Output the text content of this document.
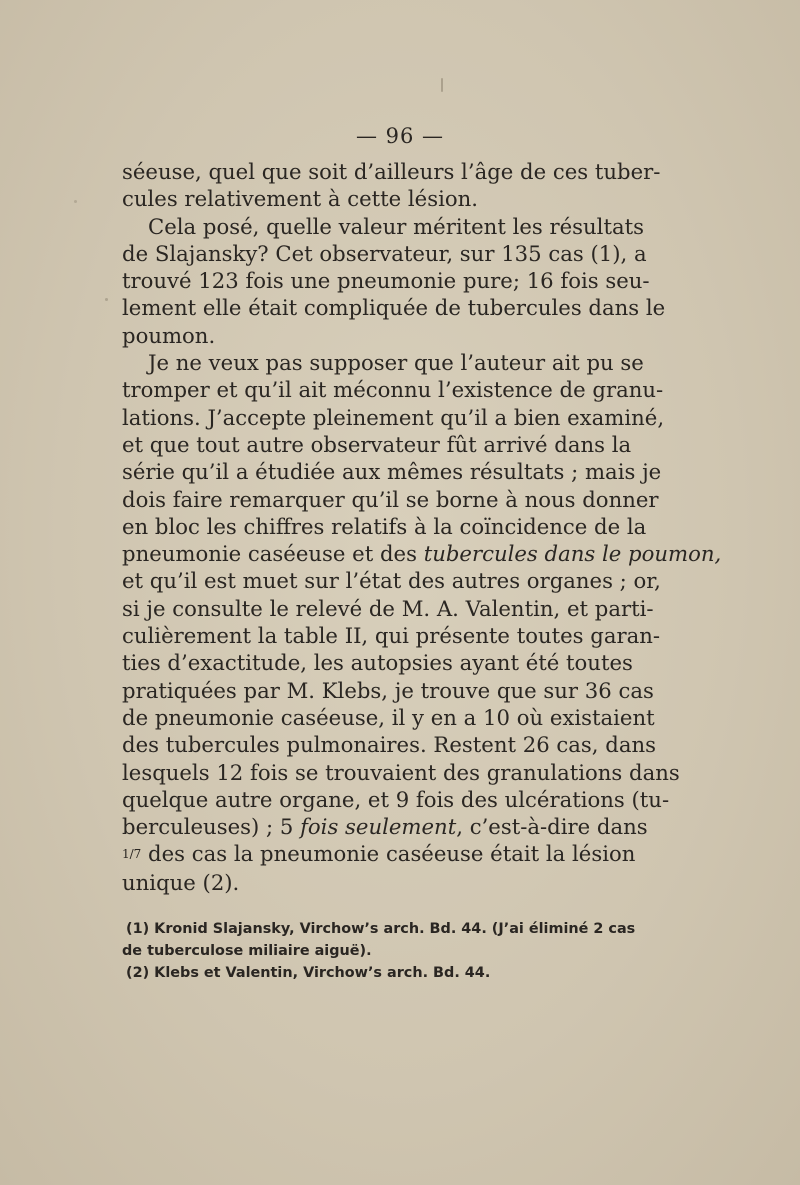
— 96 —

séeuse, quel que soit d’ailleurs l’âge de ces tuber-
cules relativement à cette lésion.

Cela posé, quelle valeur méritent les résultats
de Slajansky? Cet observateur, sur 135 cas (1), a
trouvé 123 fois une pneumonie pure; 16 fois seu-
lement elle était compliquée de tubercules dans le
poumon.

Je ne veux pas supposer que l’auteur ait pu se
tromper et qu’il ait méconnu l’existence de granu-
lations. J’accepte pleinement qu’il a bien examiné,
et que tout autre observateur fût arrivé dans la
série qu’il a étudiée aux mêmes résultats ; mais je
dois faire remarquer qu’il se borne à nous donner
en bloc les chiffres relatifs à la coïncidence de la
pneumonie caséeuse et des tubercules dans le poumon,
et qu’il est muet sur l’état des autres organes ; or,
si je consulte le relevé de M. A. Valentin, et parti-
culièrement la table II, qui présente toutes garan-
ties d’exactitude, les autopsies ayant été toutes
pratiquées par M. Klebs, je trouve que sur 36 cas
de pneumonie caséeuse, il y en a 10 où existaient
des tubercules pulmonaires. Restent 26 cas, dans
lesquels 12 fois se trouvaient des granulations dans
quelque autre organe, et 9 fois des ulcérations (tu-
berculeuses) ; 5 fois seulement, c’est-à-dire dans
1/7 des cas la pneumonie caséeuse était la lésion
unique (2).

(1) Kronid Slajansky, Virchow’s arch. Bd. 44. (J’ai éliminé 2 cas
de tuberculose miliaire aiguë).
(2) Klebs et Valentin, Virchow’s arch. Bd. 44.
